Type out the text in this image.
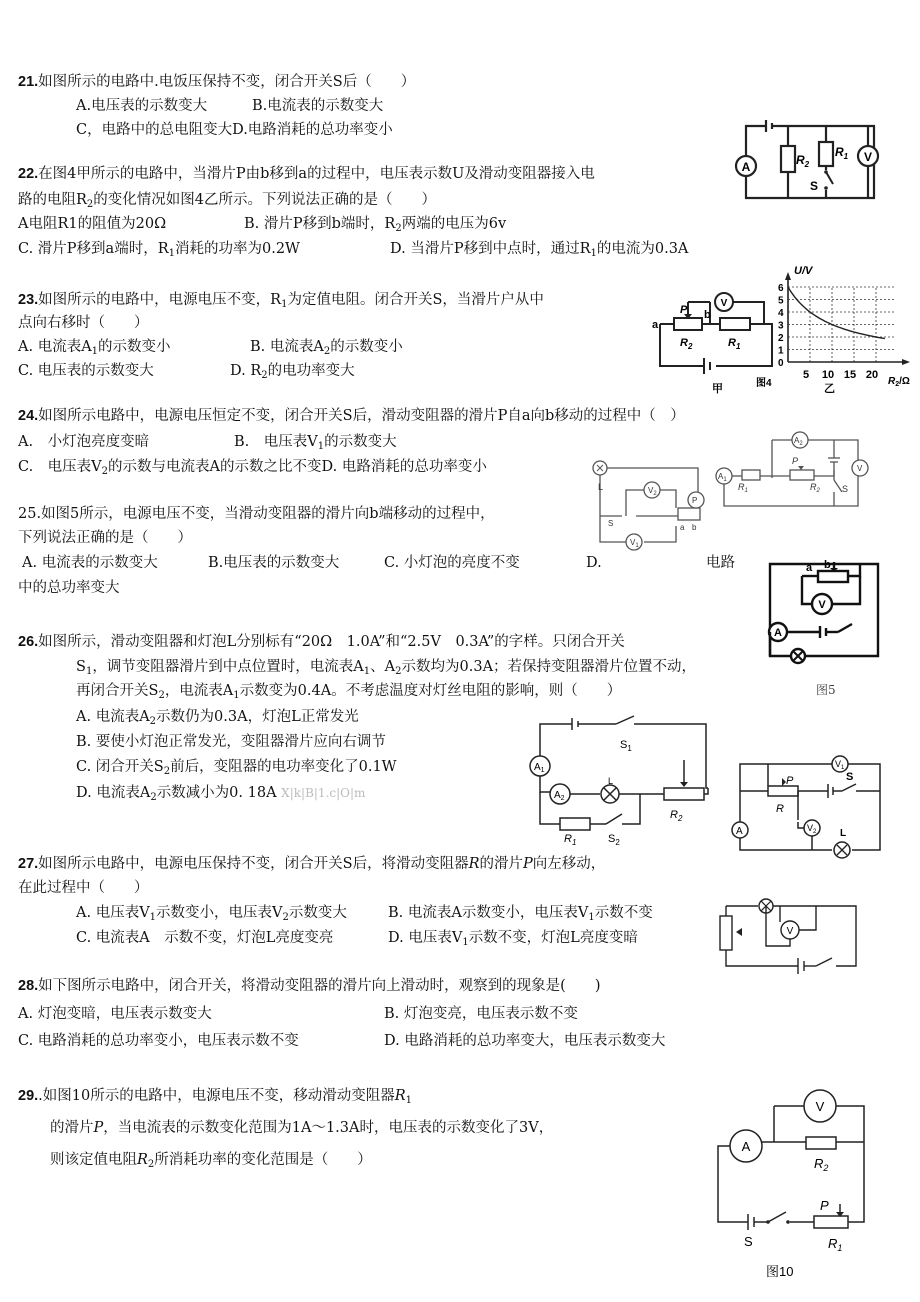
21.如图所示的电路中.电饭压保持不变，闭合开关S后（　　）
A.电压表的示数变大	B.电流表的示数变大
C，电路中的总电阻变大D.电路消耗的总功率变小
A
V
$R_2$
$R_1$
S
22.在图4甲所示的电路中，当滑片P由b移到a的过程中，电压表示数U及滑动变阻器接入电
路的电阻$R_2$的变化情况如图4乙所示。下列说法正确的是（　　）
A电阻R1的阻值为20Ω	B. 滑片P移到b端时，$R_2$两端的电压为6v
C. 滑片P移到a端时，$R_1$消耗的功率为0.2W	D. 当滑片P移到中点时，通过$R_1$的电流为0.3A
23.如图所示的电路中，电源电压不变，$R_1$为定值电阻。闭合开关S，当滑片户从中
点向右移时（　　）
A. 电流表$A_1$的示数变小	B. 电流表$A_2$的示数变小
C. 电压表的示数变大	D. $R_2$的电功率变大
V
a
P b
$R_2$	$R_1$
甲
U/V
6
5
4
3
2
1
0
5 10 15 20
图4	乙
$R_2/\Omega$
24.如图所示电路中，电源电压恒定不变，闭合开关S后，滑动变阻器的滑片P自a向b移动的过程中（　）
A.　小灯泡亮度变暗	B.　电压表$V_1$的示数变大
C.　电压表$V_2$的示数与电流表A的示数之比不变D. 电路消耗的总功率变小
L	$V_2$
P
S	a b
$V_1$
$A_2$
$A_1$
$R_1$
P
$R_2$
V
S
25.如图5所示，电源电压不变，当滑动变阻器的滑片向b端移动的过程中，
下列说法正确的是（　　）
A. 电流表的示数变大	B.电压表的示数变大	C. 小灯泡的亮度不变	D.	电路
中的总功率变大
a b
V
A
图5
26.如图所示，滑动变阻器和灯泡L分别标有“20Ω　1.0A”和“2.5V　0.3A”的字样。只闭合开关
$S_1$，调节变阻器滑片到中点位置时，电流表$A_1$、$A_2$示数均为0.3A；若保持变阻器滑片位置不动，
再闭合开关$S_2$，电流表$A_1$示数变为0.4A。不考虑温度对灯丝电阻的影响，则（　　）
A. 电流表$A_2$示数仍为0.3A，灯泡L正常发光
B. 要使小灯泡正常发光，变阻器滑片应向右调节
C. 闭合开关$S_2$前后，变阻器的电功率变化了0.1W
D. 电流表$A_2$示数减小为0. 18A X|k|B|1.c|O|m
$S_1$
$A_1$
$A_2$
L
$R_2$
$R_1$	$S_2$
$V_1$
P	S
R
A	$V_2$ L
27.如图所示电路中，电源电压保持不变，闭合开关S后，将滑动变阻器R的滑片P向左移动，
在此过程中（　　）
A. 电压表$V_1$示数变小，电压表$V_2$示数变大	B. 电流表A示数变小，电压表$V_1$示数不变
C. 电流表A　示数不变，灯泡L亮度变亮	D. 电压表$V_1$示数不变，灯泡L亮度变暗	V
28.如下图所示电路中，闭合开关，将滑动变阻器的滑片向上滑动时，观察到的现象是(　　)
A. 灯泡变暗，电压表示数变大	B. 灯泡变亮，电压表示数不变
C. 电路消耗的总功率变小，电压表示数不变	D. 电路消耗的总功率变大，电压表示数变大
29..如图10所示的电路中，电源电压不变，移动滑动变阻器$R_1$
的滑片P，当电流表的示数变化范围为1A～1.3A时，电压表的示数变化了3V，
则该定值电阻$R_2$所消耗功率的变化范围是（　　）
V
A
$R_2$
S
P
$R_1$
图10
